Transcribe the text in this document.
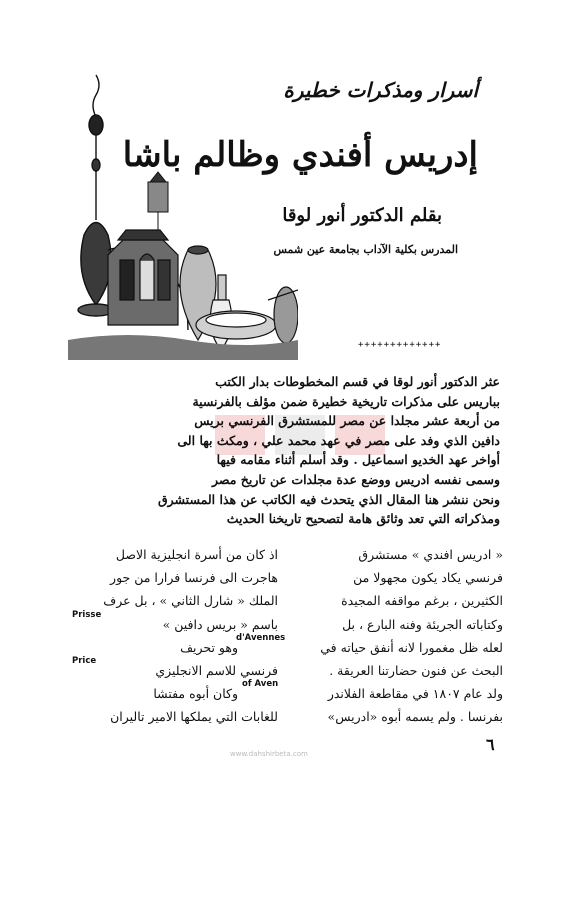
أسرار ومذكرات خطيرة
إدريس أفندي وظالم باشا
بقلم الدكتور أنور لوقا
المدرس بكلية الآداب بجامعة عين شمس
+++++++++++++
عثر الدكتور أنور لوقا في قسم المخطوطات بدار الكتب
بباريس على مذكرات تاريخية خطيرة ضمن مؤلف بالفرنسية
من أربعة عشر مجلدا عن مصر للمستشرق الفرنسي بريس
دافين الذي وفد على مصر في عهد محمد علي ، ومكث بها الى
أواخر عهد الخديو اسماعيل . وقد أسلم أثناء مقامه فيها
وسمى نفسه ادريس ووضع عدة مجلدات عن تاريخ مصر
ونحن ننشر هنا المقال الذي يتحدث فيه الكاتب عن هذا المستشرق
ومذكراته التي تعد وثائق هامة لتصحيح تاريخنا الحديث
« ادريس افندي » مستشرق
فرنسي يكاد يكون مجهولا من
الكثيرين ، برغم مواقفه المجيدة
وكتاباته الجريئة وفنه البارع ، بل
لعله ظل مغمورا لانه أنفق حياته في
البحث عن فنون حضارتنا العريقة .
ولد عام ١٨٠٧ في مقاطعة الفلاندر
بفرنسا . ولم يسمه أبوه «ادريس»
اذ كان من أسرة انجليزية الاصل
هاجرت الى فرنسا فرارا من جور
الملك « شارل الثاني » ، بل عرف
باسم « بريس دافين »
وهو تحريف
فرنسي للاسم الانجليزي
وكان أبوه مفتشا
للغابات التي يملكها الامير تاليران
Prisse
d'Avennes
Price
of Aven
٦
www.dahshirbeta.com
